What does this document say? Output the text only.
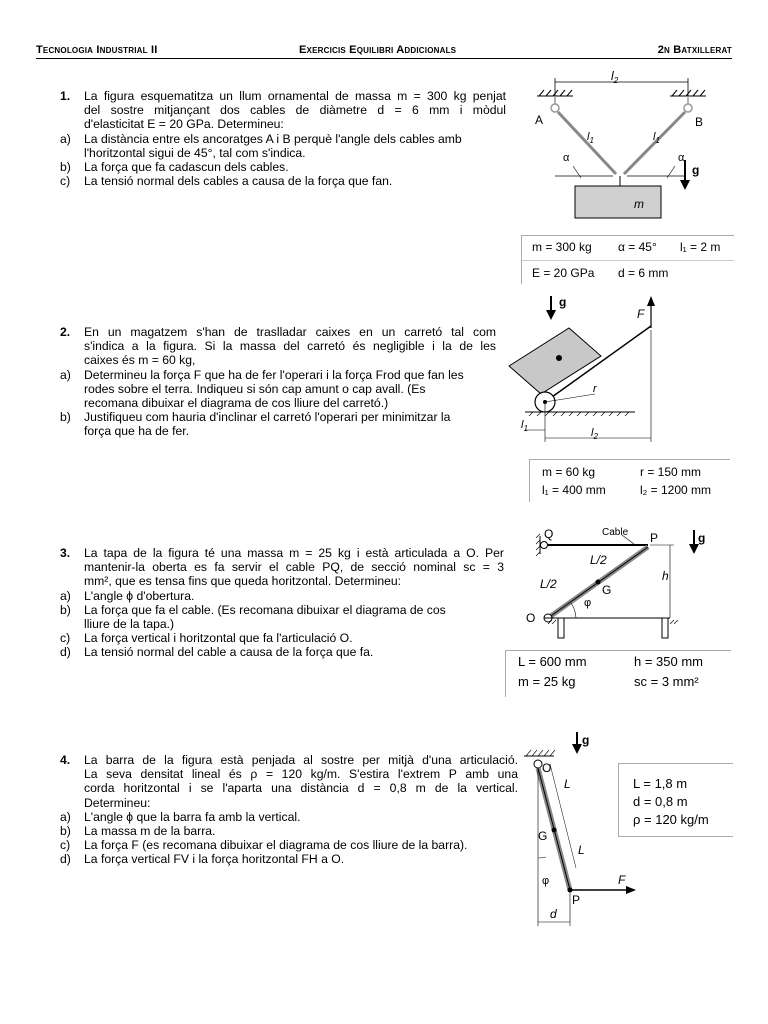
Tecnologia Industrial II	Exercicis Equilibri Addicionals	2n Batxillerat
1. La figura esquematitza un llum ornamental de massa m = 300 kg penjat
del sostre mitjançant dos cables de diàmetre d = 6 mm i mòdul
d'elasticitat E = 20 GPa. Determineu:
a) La distància entre els ancoratges A i B perquè l'angle dels cables amb
l'horitzontal sigui de 45°, tal com s'indica.
b) La força que fa cadascun dels cables.
c) La tensió normal dels cables a causa de la força que fan.
$l_2$
A	B
$l_1$	$l_1$
α	α
m
g
m = 300 kg α = 45° l₁ = 2 m
E = 20 GPa d = 6 mm
2. En un magatzem s'han de traslladar caixes en un carretó tal com
s'indica a la figura. Si la massa del carretó és negligible i la de les
caixes és m = 60 kg,
a) Determineu la força F que ha de fer l'operari i la força Frod que fan les
rodes sobre el terra. Indiqueu si són cap amunt o cap avall. (Es
recomana dibuixar el diagrama de cos lliure del carretó.)
b) Justifiqueu com hauria d'inclinar el carretó l'operari per minimitzar la
força que ha de fer.
g
F
r
$l_1$	$l_2$
m = 60 kg	r = 150 mm
l₁ = 400 mm	l₂ = 1200 mm
3. La tapa de la figura té una massa m = 25 kg i està articulada a O. Per
mantenir-la oberta es fa servir el cable PQ, de secció nominal sc = 3
mm², que es tensa fins que queda horitzontal. Determineu:
a) L'angle ϕ d'obertura.
b) La força que fa el cable. (Es recomana dibuixar el diagrama de cos
lliure de la tapa.)
c) La força vertical i horitzontal que fa l'articulació O.
d) La tensió normal del cable a causa de la força que fa.
Q	Cable P
G
L/2
L/2
O
φ
h
g
L = 600 mm	h = 350 mm
m = 25 kg	sc = 3 mm²
4. La barra de la figura està penjada al sostre per mitjà d'una articulació.
La seva densitat lineal és ρ = 120 kg/m. S'estira l'extrem P amb una
corda horitzontal i se l'aparta una distància d = 0,8 m de la vertical.
Determineu:
a) L'angle ϕ que la barra fa amb la vertical.
b) La massa m de la barra.
c) La força F (es recomana dibuixar el diagrama de cos lliure de la barra).
d) La força vertical FV i la força horitzontal FH a O.
O
g
G
L
L
φ
P
F
d
L = 1,8 m
d = 0,8 m
ρ = 120 kg/m
